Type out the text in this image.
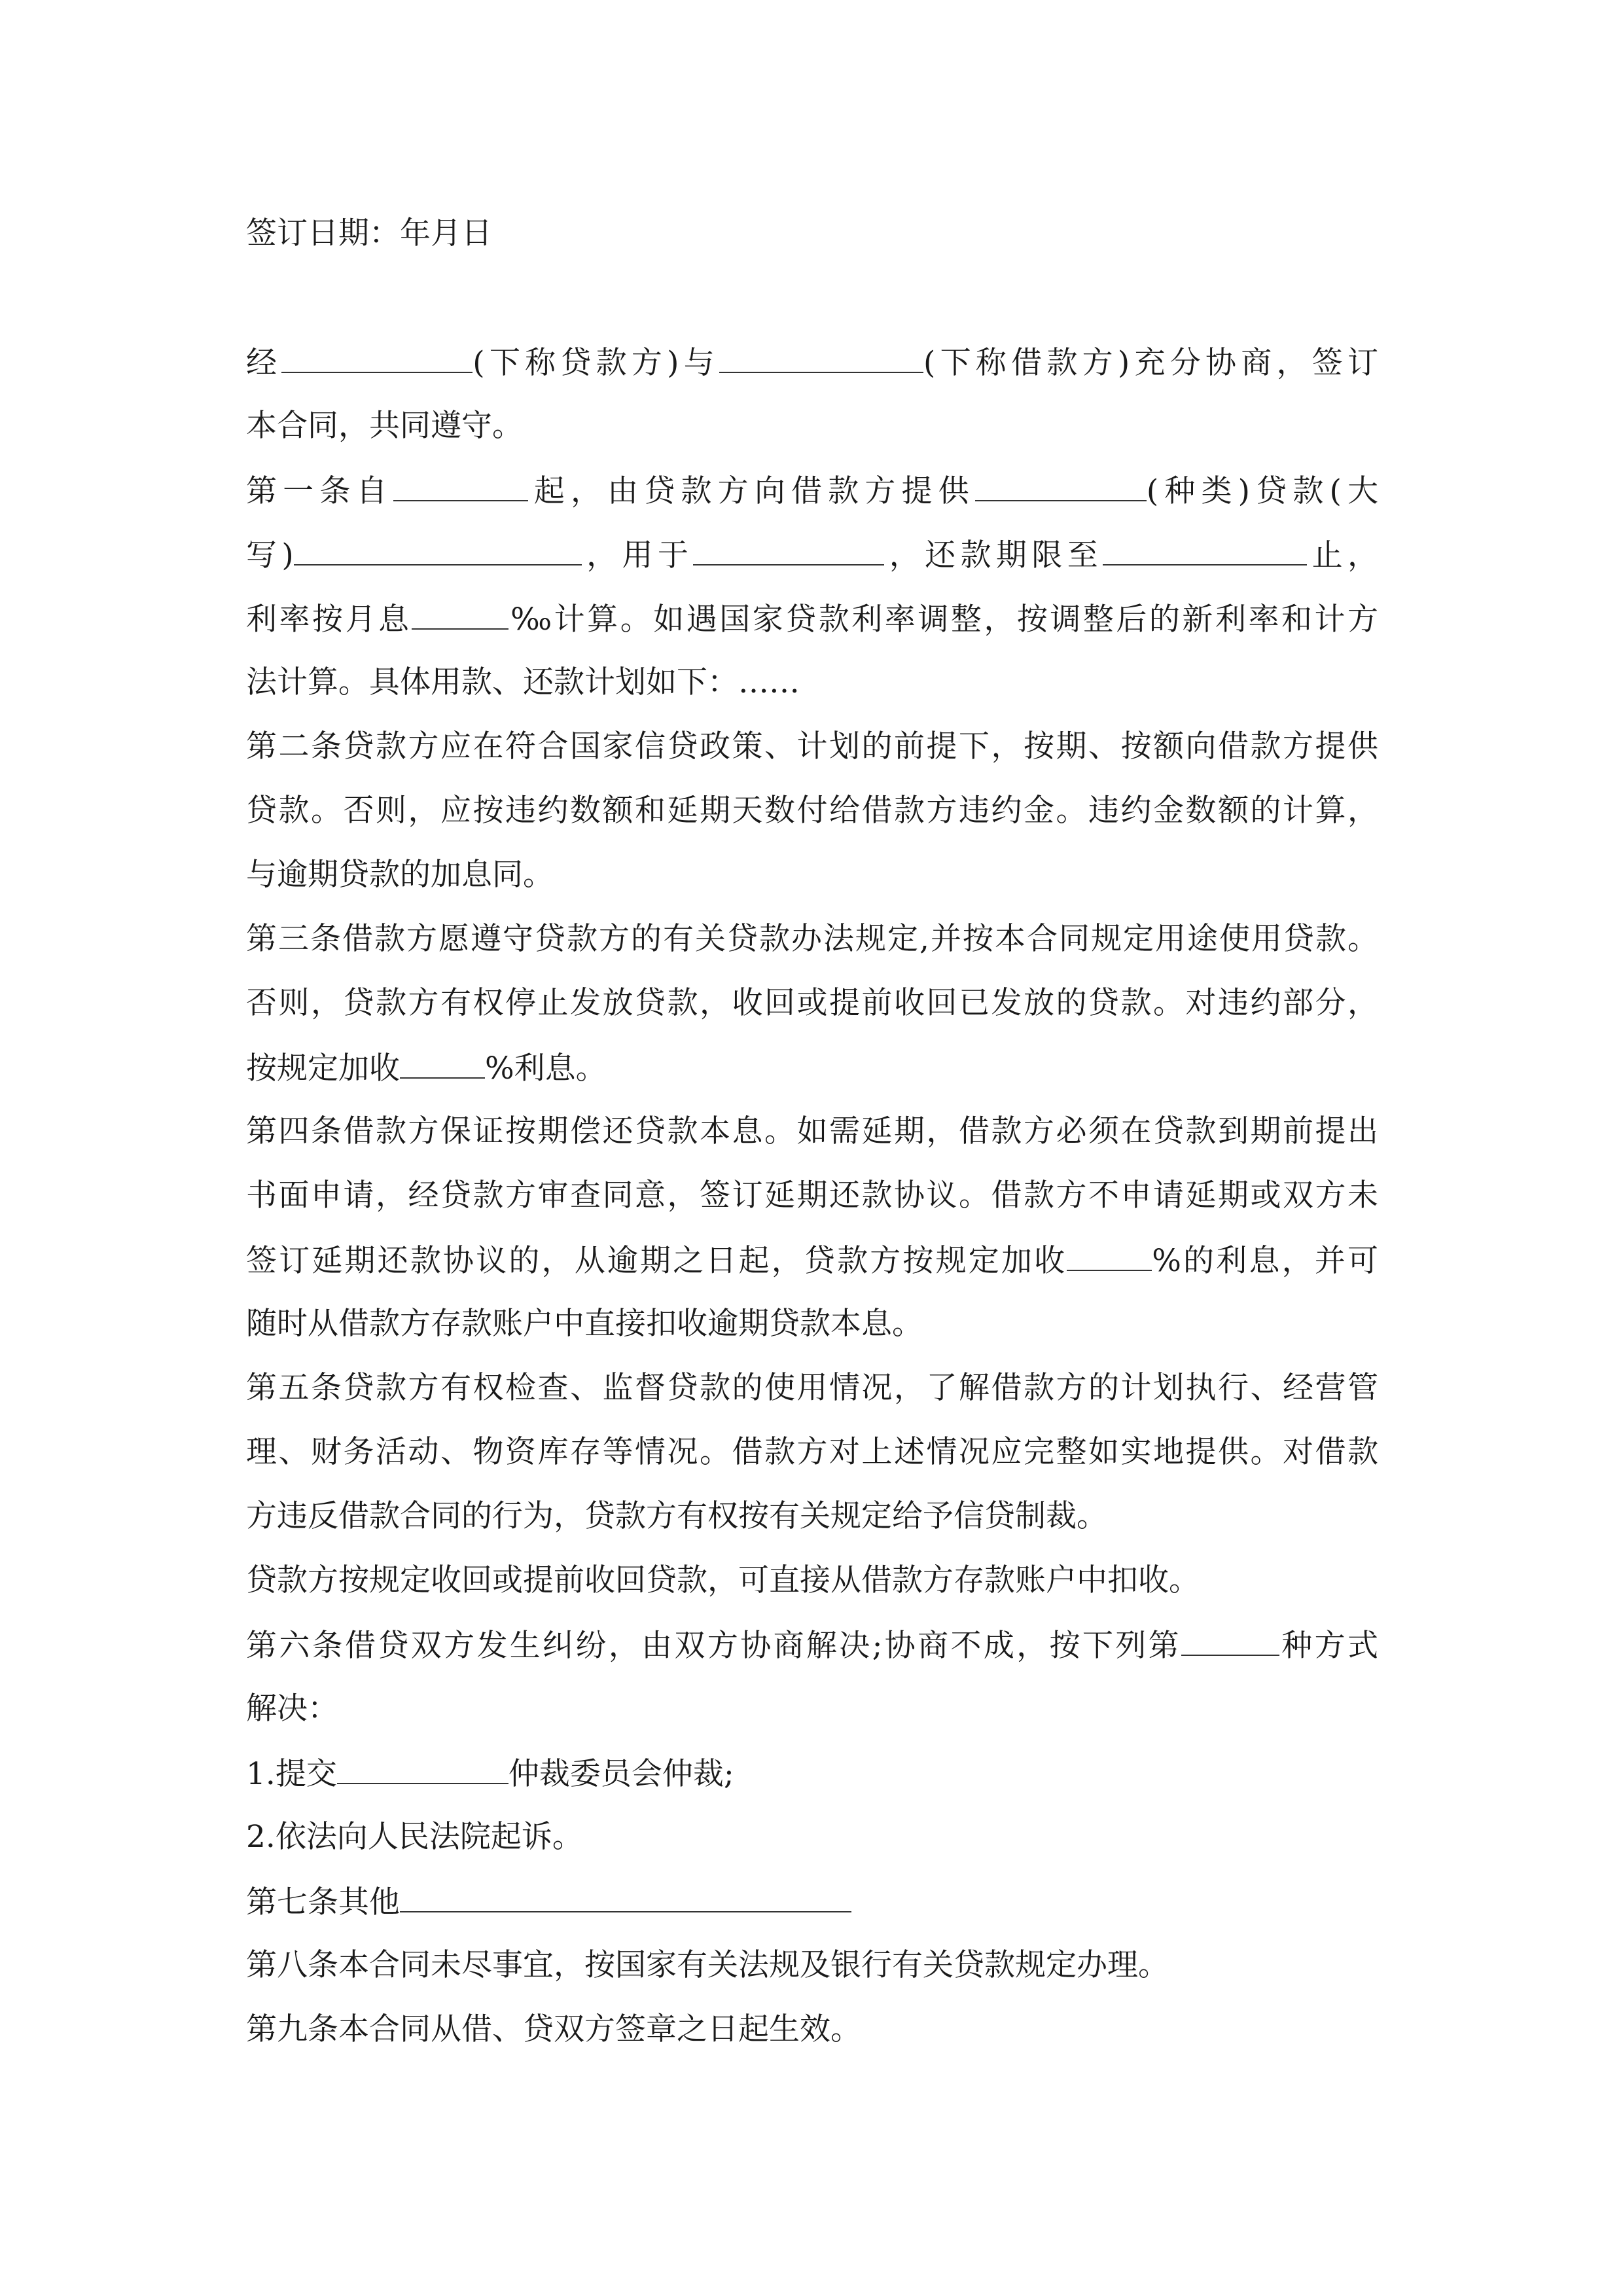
签订日期：年月日
经	(下称贷款方)与	(下称借款方)充分协商，签订
本合同，共同遵守。
第一条自	起，由贷款方向借款方提供	(种类)贷款(大
写)	，用于	，还款期限至	止，
利率按月息	‰计算。如遇国家贷款利率调整，按调整后的新利率和计方
法计算。具体用款、还款计划如下：……
第二条贷款方应在符合国家信贷政策、计划的前提下，按期、按额向借款方提供
贷款。否则，应按违约数额和延期天数付给借款方违约金。违约金数额的计算，
与逾期贷款的加息同。
第三条借款方愿遵守贷款方的有关贷款办法规定,并按本合同规定用途使用贷款。
否则，贷款方有权停止发放贷款，收回或提前收回已发放的贷款。对违约部分，
按规定加收	%利息。
第四条借款方保证按期偿还贷款本息。如需延期，借款方必须在贷款到期前提出
书面申请，经贷款方审查同意，签订延期还款协议。借款方不申请延期或双方未
签订延期还款协议的，从逾期之日起，贷款方按规定加收	%的利息，并可
随时从借款方存款账户中直接扣收逾期贷款本息。
第五条贷款方有权检查、监督贷款的使用情况，了解借款方的计划执行、经营管
理、财务活动、物资库存等情况。借款方对上述情况应完整如实地提供。对借款
方违反借款合同的行为，贷款方有权按有关规定给予信贷制裁。
贷款方按规定收回或提前收回贷款，可直接从借款方存款账户中扣收。
第六条借贷双方发生纠纷，由双方协商解决;协商不成，按下列第	种方式
解决：
1.提交	仲裁委员会仲裁;
2.依法向人民法院起诉。
第七条其他
第八条本合同未尽事宜，按国家有关法规及银行有关贷款规定办理。
第九条本合同从借、贷双方签章之日起生效。
